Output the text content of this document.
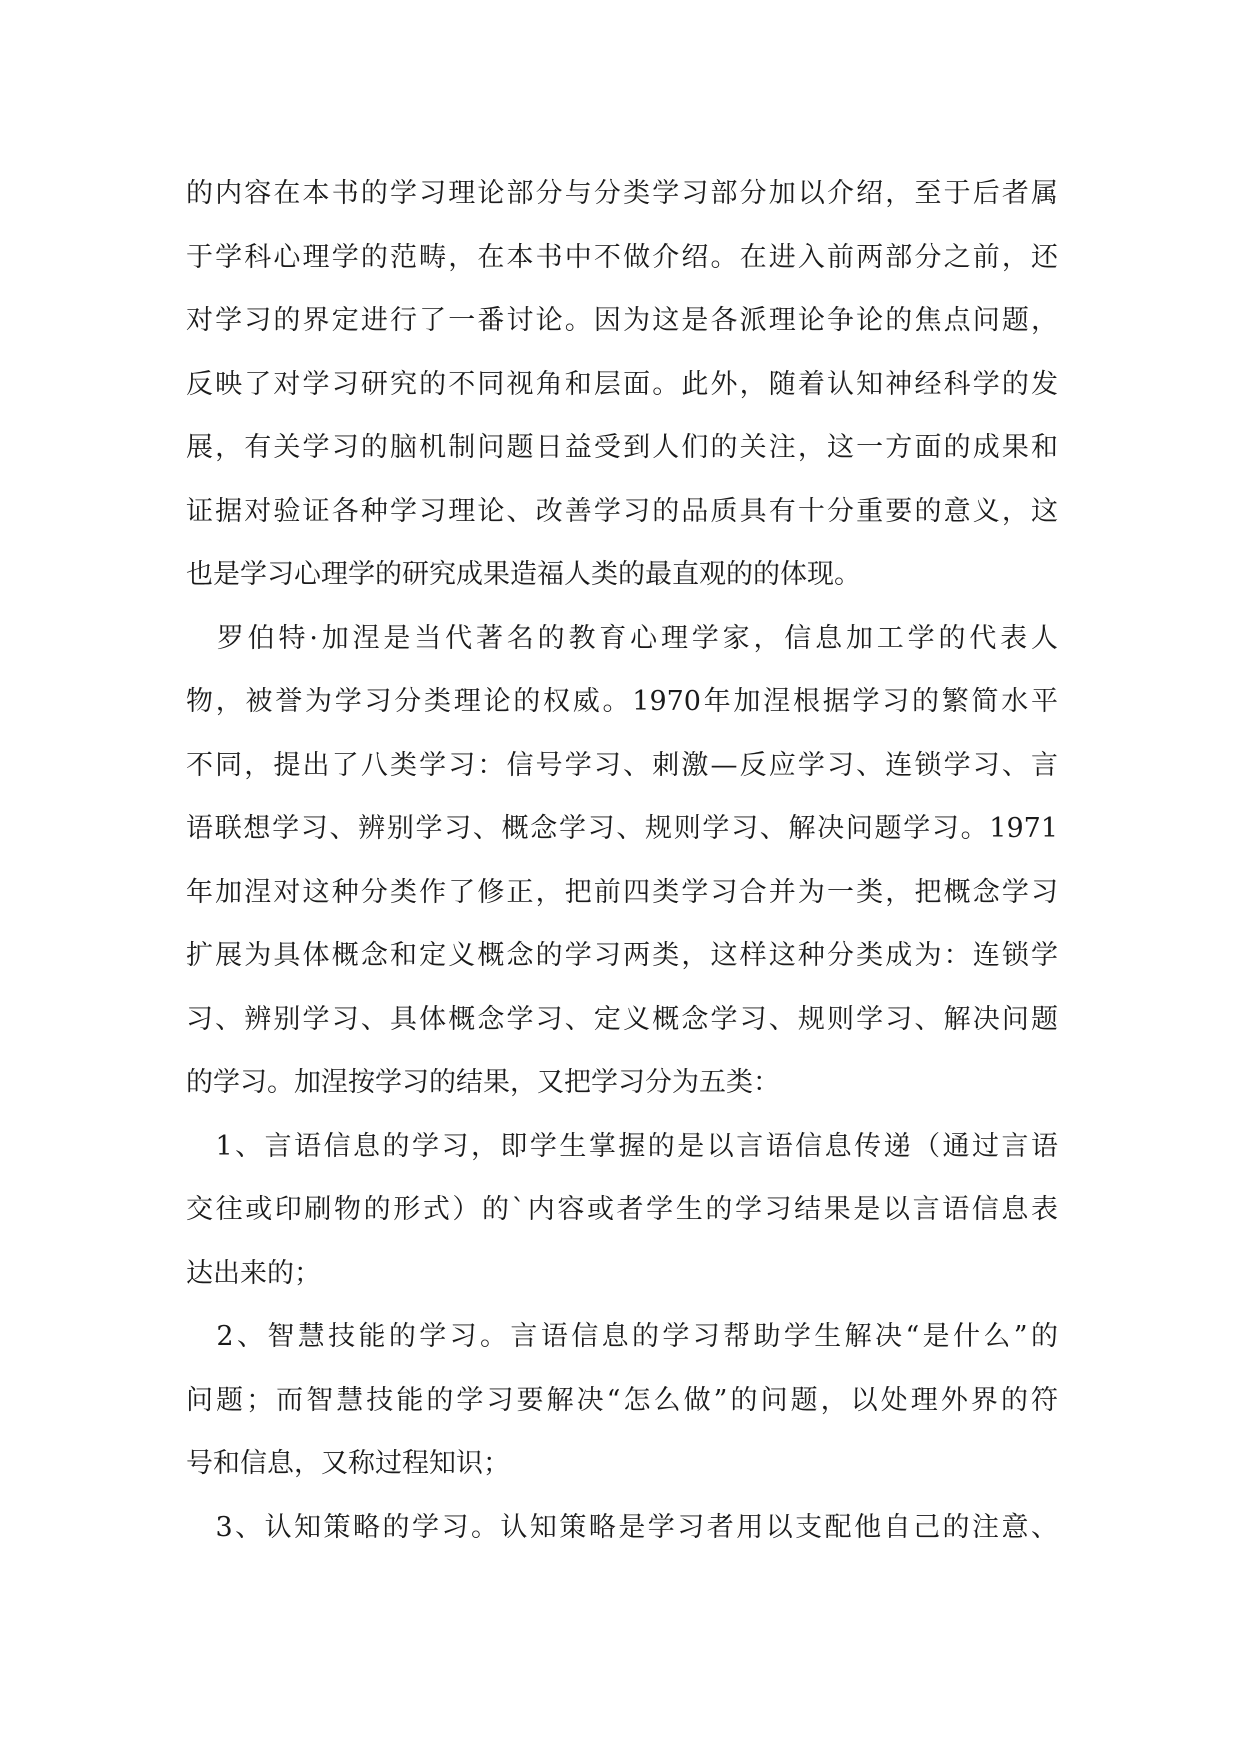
的内容在本书的学习理论部分与分类学习部分加以介绍，至于后者属
于学科心理学的范畴，在本书中不做介绍。在进入前两部分之前，还
对学习的界定进行了一番讨论。因为这是各派理论争论的焦点问题，
反映了对学习研究的不同视角和层面。此外，随着认知神经科学的发
展，有关学习的脑机制问题日益受到人们的关注，这一方面的成果和
证据对验证各种学习理论、改善学习的品质具有十分重要的意义，这
也是学习心理学的研究成果造福人类的最直观的的体现。
　罗伯特·加涅是当代著名的教育心理学家，信息加工学的代表人
物，被誉为学习分类理论的权威。1970年加涅根据学习的繁简水平
不同，提出了八类学习：信号学习、刺激—反应学习、连锁学习、言
语联想学习、辨别学习、概念学习、规则学习、解决问题学习。1971
年加涅对这种分类作了修正，把前四类学习合并为一类，把概念学习
扩展为具体概念和定义概念的学习两类，这样这种分类成为：连锁学
习、辨别学习、具体概念学习、定义概念学习、规则学习、解决问题
的学习。加涅按学习的结果，又把学习分为五类：
　1、言语信息的学习，即学生掌握的是以言语信息传递（通过言语
交往或印刷物的形式）的`内容或者学生的学习结果是以言语信息表
达出来的；
　2、智慧技能的学习。言语信息的学习帮助学生解决“是什么”的
问题；而智慧技能的学习要解决“怎么做”的问题，以处理外界的符
号和信息，又称过程知识；
　3、认知策略的学习。认知策略是学习者用以支配他自己的注意、
